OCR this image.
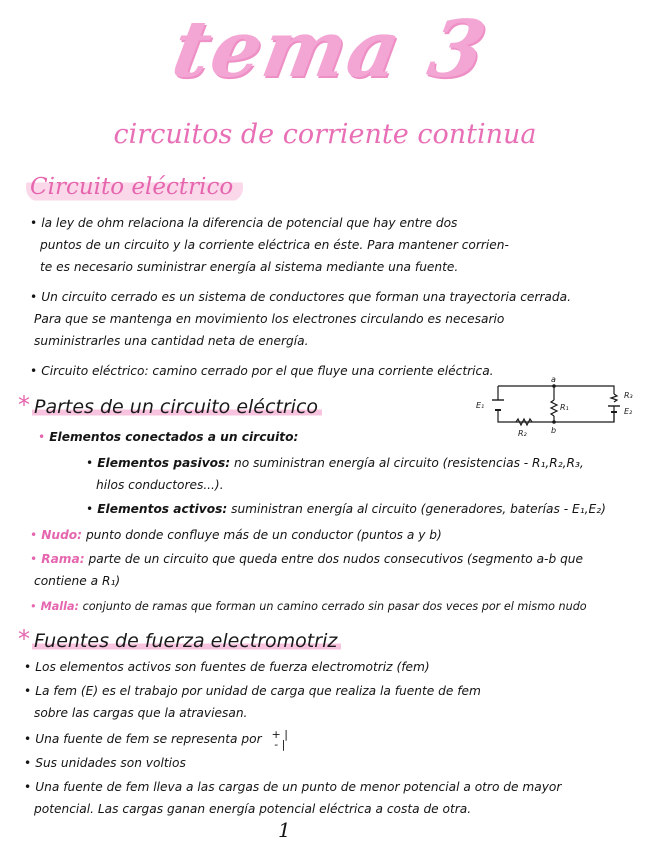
tema 3
circuitos de corriente continua
Circuito eléctrico
• la ley de ohm relaciona la diferencia de potencial que hay entre dos
puntos de un circuito y la corriente eléctrica en éste. Para mantener corrien-
te es necesario suministrar energía al sistema mediante una fuente.
• Un circuito cerrado es un sistema de conductores que forman una trayectoria cerrada.
Para que se mantenga en movimiento los electrones circulando es necesario
suministrarles una cantidad neta de energía.
• Circuito eléctrico: camino cerrado por el que fluye una corriente eléctrica.
E₁	R₁
R₂
R₃
E₂
a
b
* Partes de un circuito eléctrico
• Elementos conectados a un circuito:
• Elementos pasivos: no suministran energía al circuito (resistencias - R₁,R₂,R₃,
hilos conductores...).
• Elementos activos: suministran energía al circuito (generadores, baterías - E₁,E₂)
• Nudo: punto donde confluye más de un conductor (puntos a y b)
• Rama: parte de un circuito que queda entre dos nudos consecutivos (segmento a-b que
contiene a R₁)
• Malla: conjunto de ramas que forman un camino cerrado sin pasar dos veces por el mismo nudo
* Fuentes de fuerza electromotriz
• Los elementos activos son fuentes de fuerza electromotriz (fem)
• La fem (E) es el trabajo por unidad de carga que realiza la fuente de fem
sobre las cargas que la atraviesan.
• Una fuente de fem se representa por + |
- |
• Sus unidades son voltios
• Una fuente de fem lleva a las cargas de un punto de menor potencial a otro de mayor
potencial. Las cargas ganan energía potencial eléctrica a costa de otra.
1
